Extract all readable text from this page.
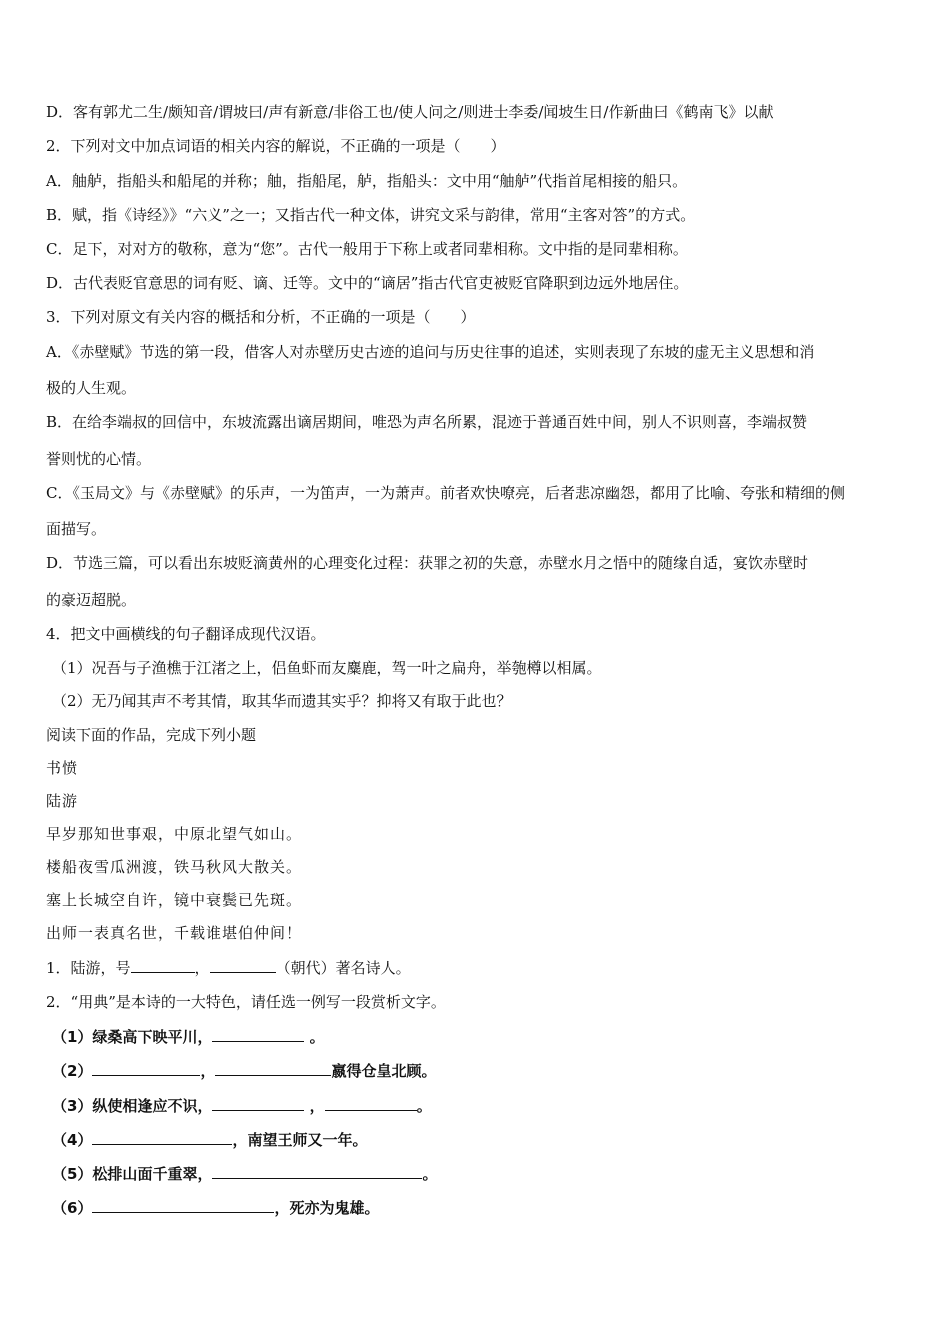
D．客有郭尤二生/颇知音/谓坡曰/声有新意/非俗工也/使人问之/则进士李委/闻坡生日/作新曲曰《鹤南飞》以献
2．下列对文中加点词语的相关内容的解说，不正确的一项是（　　）
A．舳舻，指船头和船尾的并称；舳，指船尾，舻，指船头：文中用“舳舻”代指首尾相接的船只。
B．赋，指《诗经》》“六义”之一；又指古代一种文体，讲究文采与韵律，常用“主客对答”的方式。
C．足下，对对方的敬称，意为“您”。古代一般用于下称上或者同辈相称。文中指的是同辈相称。
D．古代表贬官意思的词有贬、谪、迁等。文中的“谪居”指古代官吏被贬官降职到边远外地居住。
3．下列对原文有关内容的概括和分析，不正确的一项是（　　）
A．《赤壁赋》节选的第一段，借客人对赤壁历史古迹的追问与历史往事的追述，实则表现了东坡的虚无主义思想和消
极的人生观。
B．在给李端叔的回信中，东坡流露出谪居期间，唯恐为声名所累，混迹于普通百姓中间，别人不识则喜，李端叔赞
誉则忧的心情。
C．《玉局文》与《赤壁赋》的乐声，一为笛声，一为萧声。前者欢快嘹亮，后者悲凉幽怨，都用了比喻、夸张和精细的侧
面描写。
D．节选三篇，可以看出东坡贬滴黄州的心理变化过程：获罪之初的失意，赤壁水月之悟中的随缘自适，宴饮赤壁时
的豪迈超脱。
4．把文中画横线的句子翻译成现代汉语。
（1）况吾与子渔樵于江渚之上，侣鱼虾而友麋鹿，驾一叶之扁舟，举匏樽以相属。
（2）无乃闻其声不考其情，取其华而遗其实乎？抑将又有取于此也？
阅读下面的作品，完成下列小题
书愤
陆游
早岁那知世事艰，中原北望气如山。
楼船夜雪瓜洲渡，铁马秋风大散关。
塞上长城空自许，镜中衰鬓已先斑。
出师一表真名世，千载谁堪伯仲间！
1．陆游，号	，	（朝代）著名诗人。
2．“用典”是本诗的一大特色，请任选一例写一段赏析文字。
（1）绿桑高下映平川，	。
（2）	，	嬴得仓皇北顾。
（3）纵使相逢应不识，	，	。
（4）	，南望王师又一年。
（5）松排山面千重翠，	。
（6）	，死亦为鬼雄。
